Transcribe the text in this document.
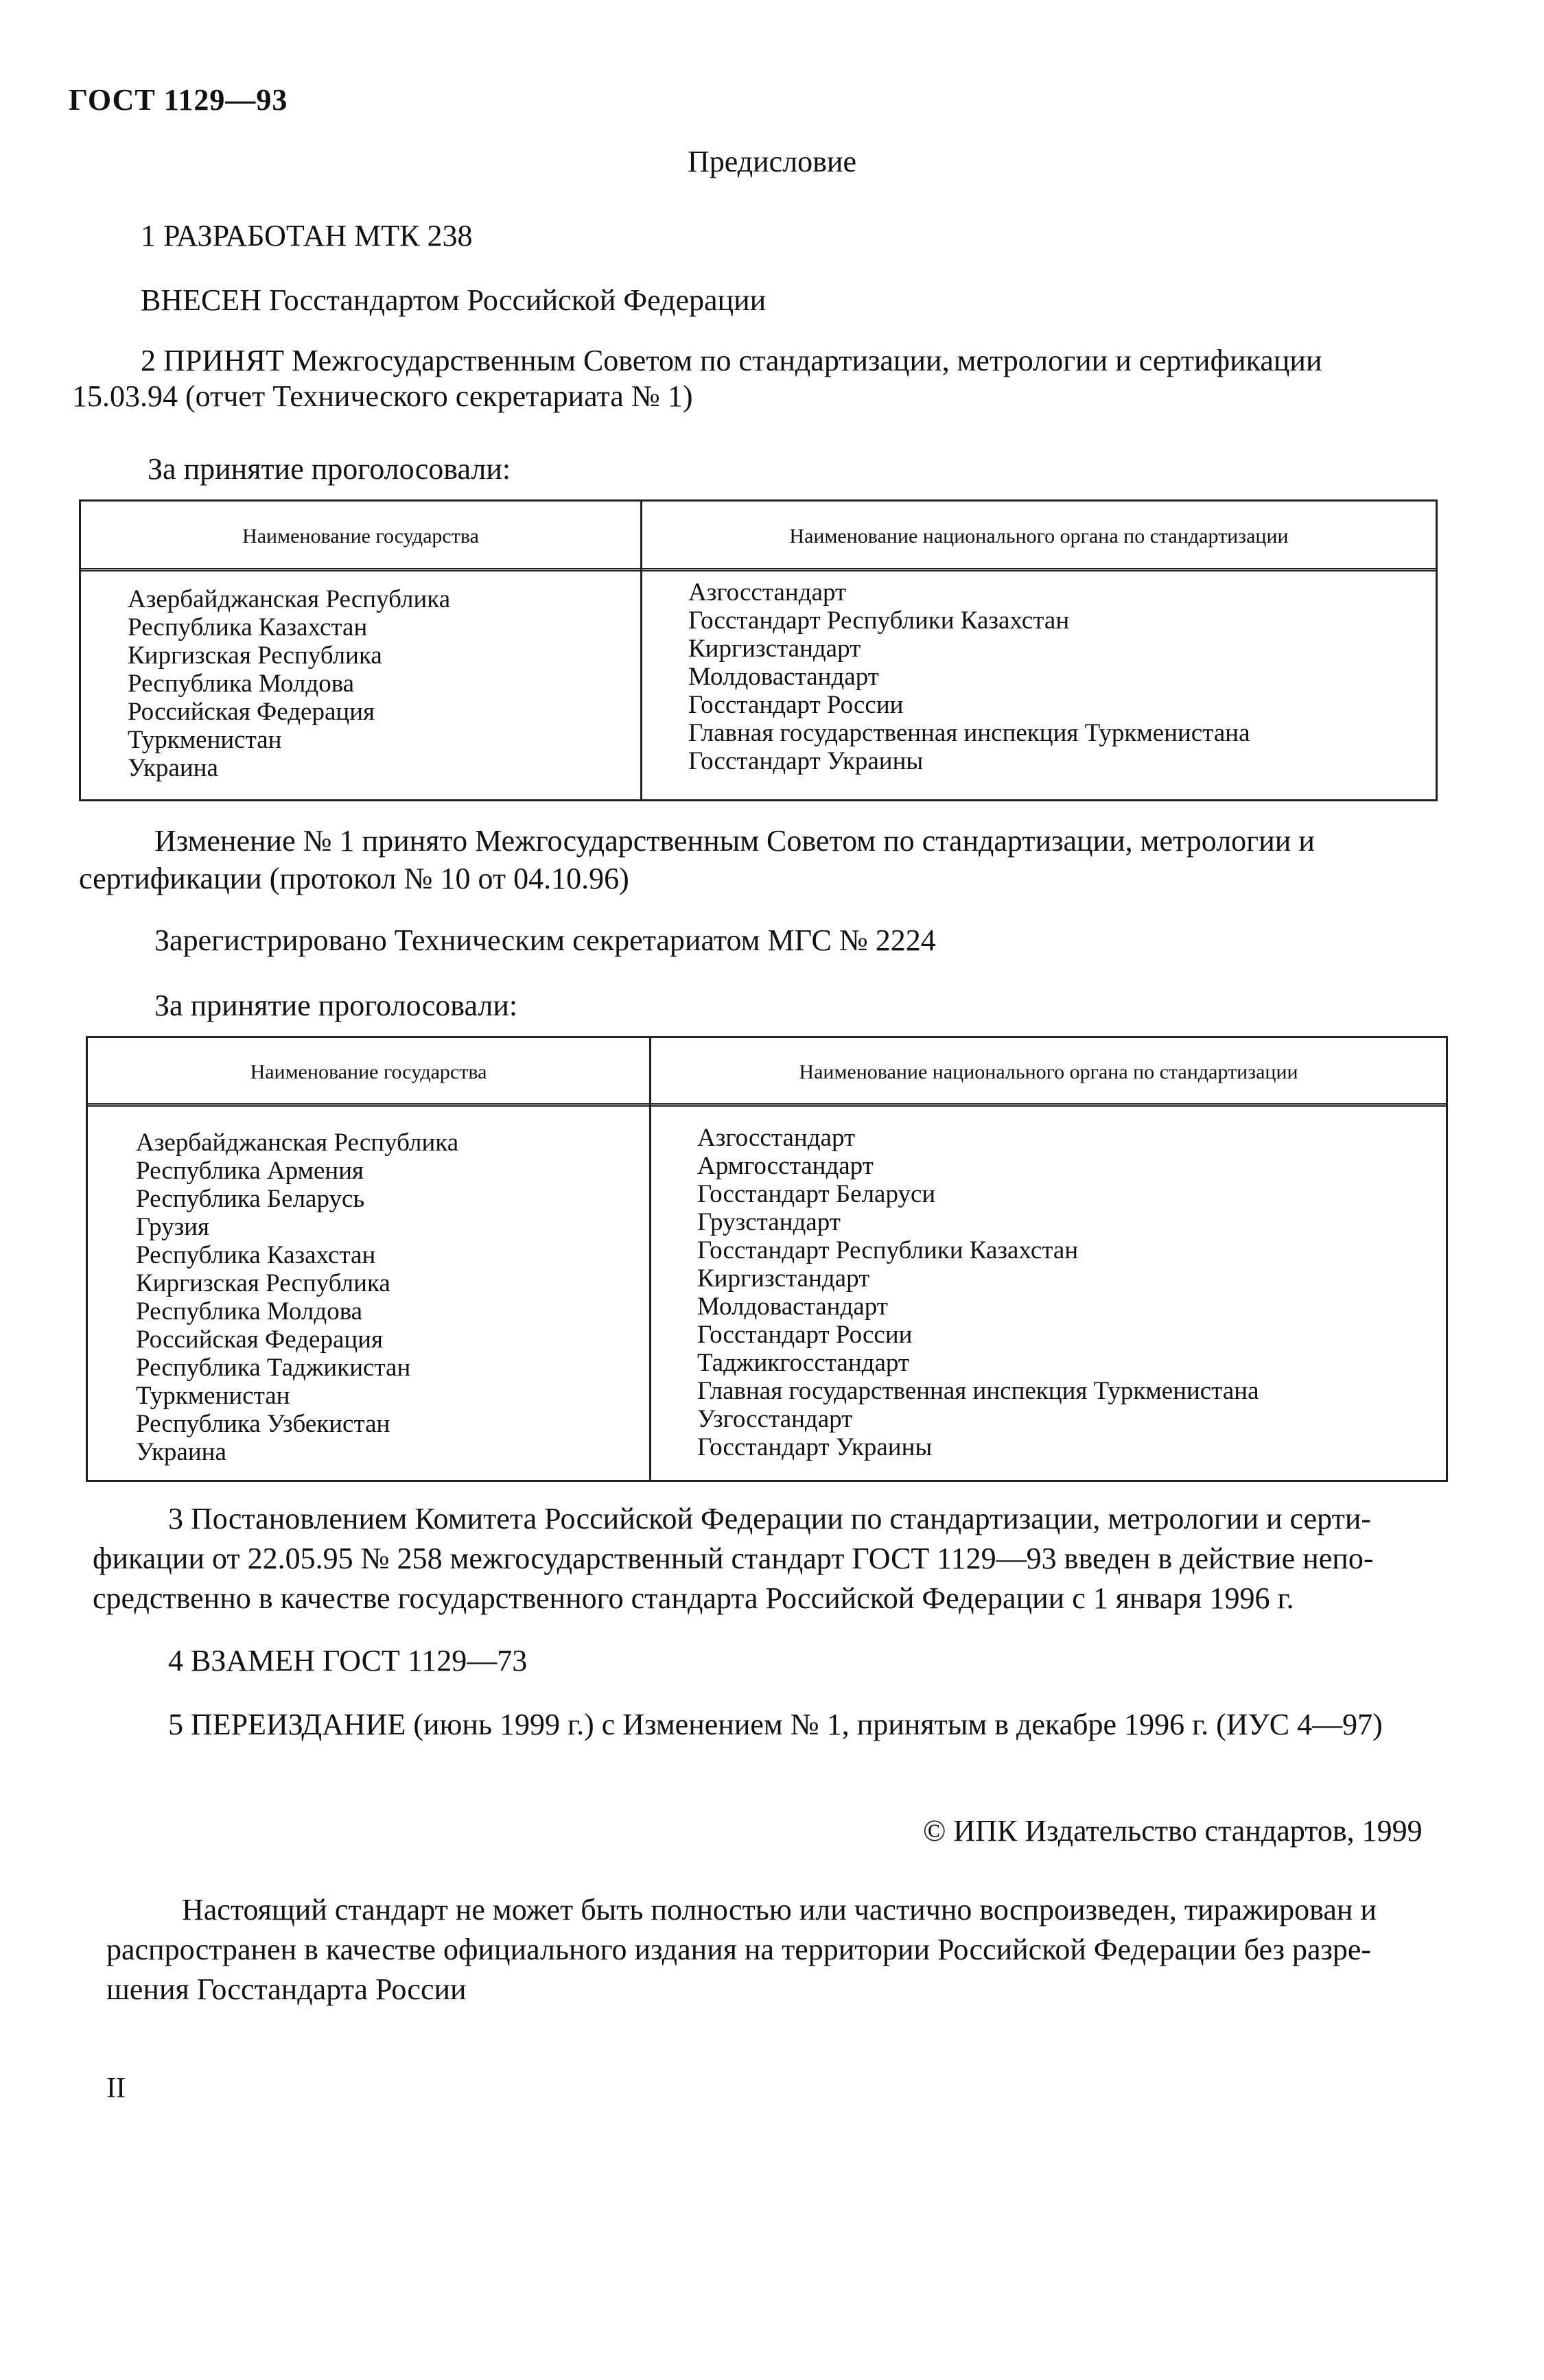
ГОСТ 1129—93
Предисловие
1 РАЗРАБОТАН МТК 238
ВНЕСЕН Госстандартом Российской Федерации
2 ПРИНЯТ Межгосударственным Советом по стандартизации, метрологии и сертификации
15.03.94 (отчет Технического секретариата № 1)
За принятие проголосовали:
Наименование государства	Наименование национального органа по стандартизации
Азербайджанская Республика
Республика Казахстан
Киргизская Республика
Республика Молдова
Российская Федерация
Туркменистан
Украина
Азгосстандарт
Госстандарт Республики Казахстан
Киргизстандарт
Молдовастандарт
Госстандарт России
Главная государственная инспекция Туркменистана
Госстандарт Украины
Изменение № 1 принято Межгосударственным Советом по стандартизации, метрологии и
сертификации (протокол № 10 от 04.10.96)
Зарегистрировано Техническим секретариатом МГС № 2224
За принятие проголосовали:
Наименование государства	Наименование национального органа по стандартизации
Азербайджанская Республика
Республика Армения
Республика Беларусь
Грузия
Республика Казахстан
Киргизская Республика
Республика Молдова
Российская Федерация
Республика Таджикистан
Туркменистан
Республика Узбекистан
Украина
Азгосстандарт
Армгосстандарт
Госстандарт Беларуси
Грузстандарт
Госстандарт Республики Казахстан
Киргизстандарт
Молдовастандарт
Госстандарт России
Таджикгосстандарт
Главная государственная инспекция Туркменистана
Узгосстандарт
Госстандарт Украины
3 Постановлением Комитета Российской Федерации по стандартизации, метрологии и серти-
фикации от 22.05.95 № 258 межгосударственный стандарт ГОСТ 1129—93 введен в действие непо-
средственно в качестве государственного стандарта Российской Федерации с 1 января 1996 г.
4 ВЗАМЕН ГОСТ 1129—73
5 ПЕРЕИЗДАНИЕ (июнь 1999 г.) с Изменением № 1, принятым в декабре 1996 г. (ИУС 4—97)
© ИПК Издательство стандартов, 1999
Настоящий стандарт не может быть полностью или частично воспроизведен, тиражирован и
распространен в качестве официального издания на территории Российской Федерации без разре-
шения Госстандарта России
II
